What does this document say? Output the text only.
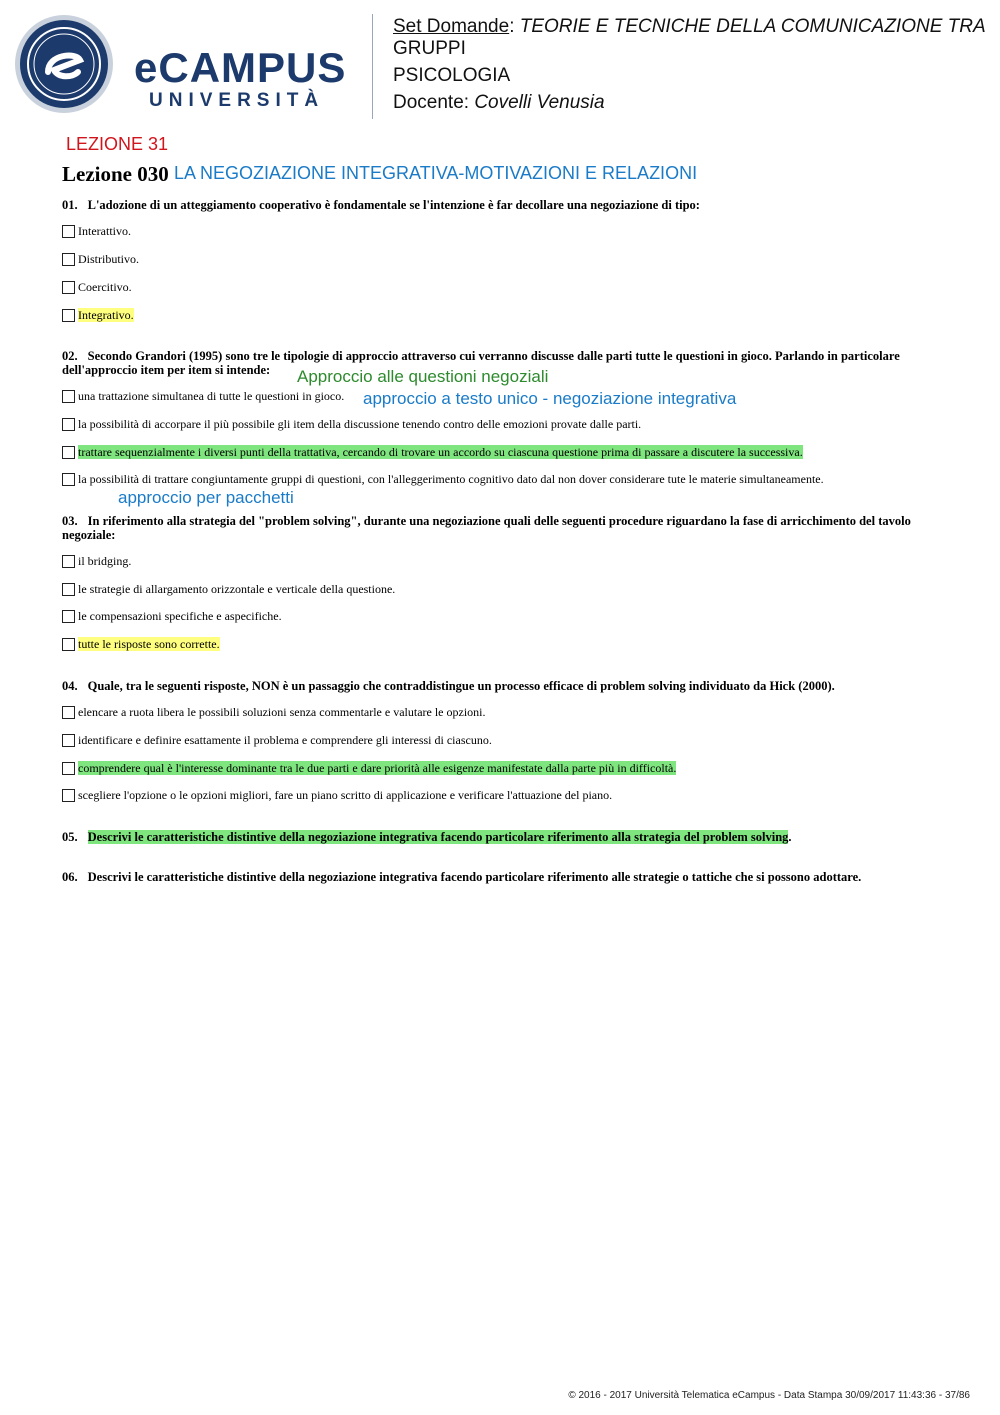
eCAMPUS
UNIVERSITÀ
Set Domande: TEORIE E TECNICHE DELLA COMUNICAZIONE TRA
GRUPPI
PSICOLOGIA
Docente: Covelli Venusia
LEZIONE 31
Lezione 030 LA NEGOZIAZIONE INTEGRATIVA-MOTIVAZIONI E RELAZIONI
01. L'adozione di un atteggiamento cooperativo è fondamentale se l'intenzione è far decollare una negoziazione di tipo:
Interattivo.
Distributivo.
Coercitivo.
Integrativo.
02. Secondo Grandori (1995) sono tre le tipologie di approccio attraverso cui verranno discusse dalle parti tutte le questioni in gioco. Parlando in particolare dell'approccio item per item si intende:	Approccio alle questioni negoziali
una trattazione simultanea di tutte le questioni in gioco. approccio a testo unico - negoziazione integrativa
la possibilità di accorpare il più possibile gli item della discussione tenendo contro delle emozioni provate dalle parti.
trattare sequenzialmente i diversi punti della trattativa, cercando di trovare un accordo su ciascuna questione prima di passare a discutere la successiva.
la possibilità di trattare congiuntamente gruppi di questioni, con l'alleggerimento cognitivo dato dal non dover considerare tute le materie simultaneamente.
approccio per pacchetti
03. In riferimento alla strategia del "problem solving", durante una negoziazione quali delle seguenti procedure riguardano la fase di arricchimento del tavolo negoziale:
il bridging.
le strategie di allargamento orizzontale e verticale della questione.
le compensazioni specifiche e aspecifiche.
tutte le risposte sono corrette.
04. Quale, tra le seguenti risposte, NON è un passaggio che contraddistingue un processo efficace di problem solving individuato da Hick (2000).
elencare a ruota libera le possibili soluzioni senza commentarle e valutare le opzioni.
identificare e definire esattamente il problema e comprendere gli interessi di ciascuno.
comprendere qual è l'interesse dominante tra le due parti e dare priorità alle esigenze manifestate dalla parte più in difficoltà.
scegliere l'opzione o le opzioni migliori, fare un piano scritto di applicazione e verificare l'attuazione del piano.
05. Descrivi le caratteristiche distintive della negoziazione integrativa facendo particolare riferimento alla strategia del problem solving.
06. Descrivi le caratteristiche distintive della negoziazione integrativa facendo particolare riferimento alle strategie o tattiche che si possono adottare.
© 2016 - 2017 Università Telematica eCampus - Data Stampa 30/09/2017 11:43:36 - 37/86
